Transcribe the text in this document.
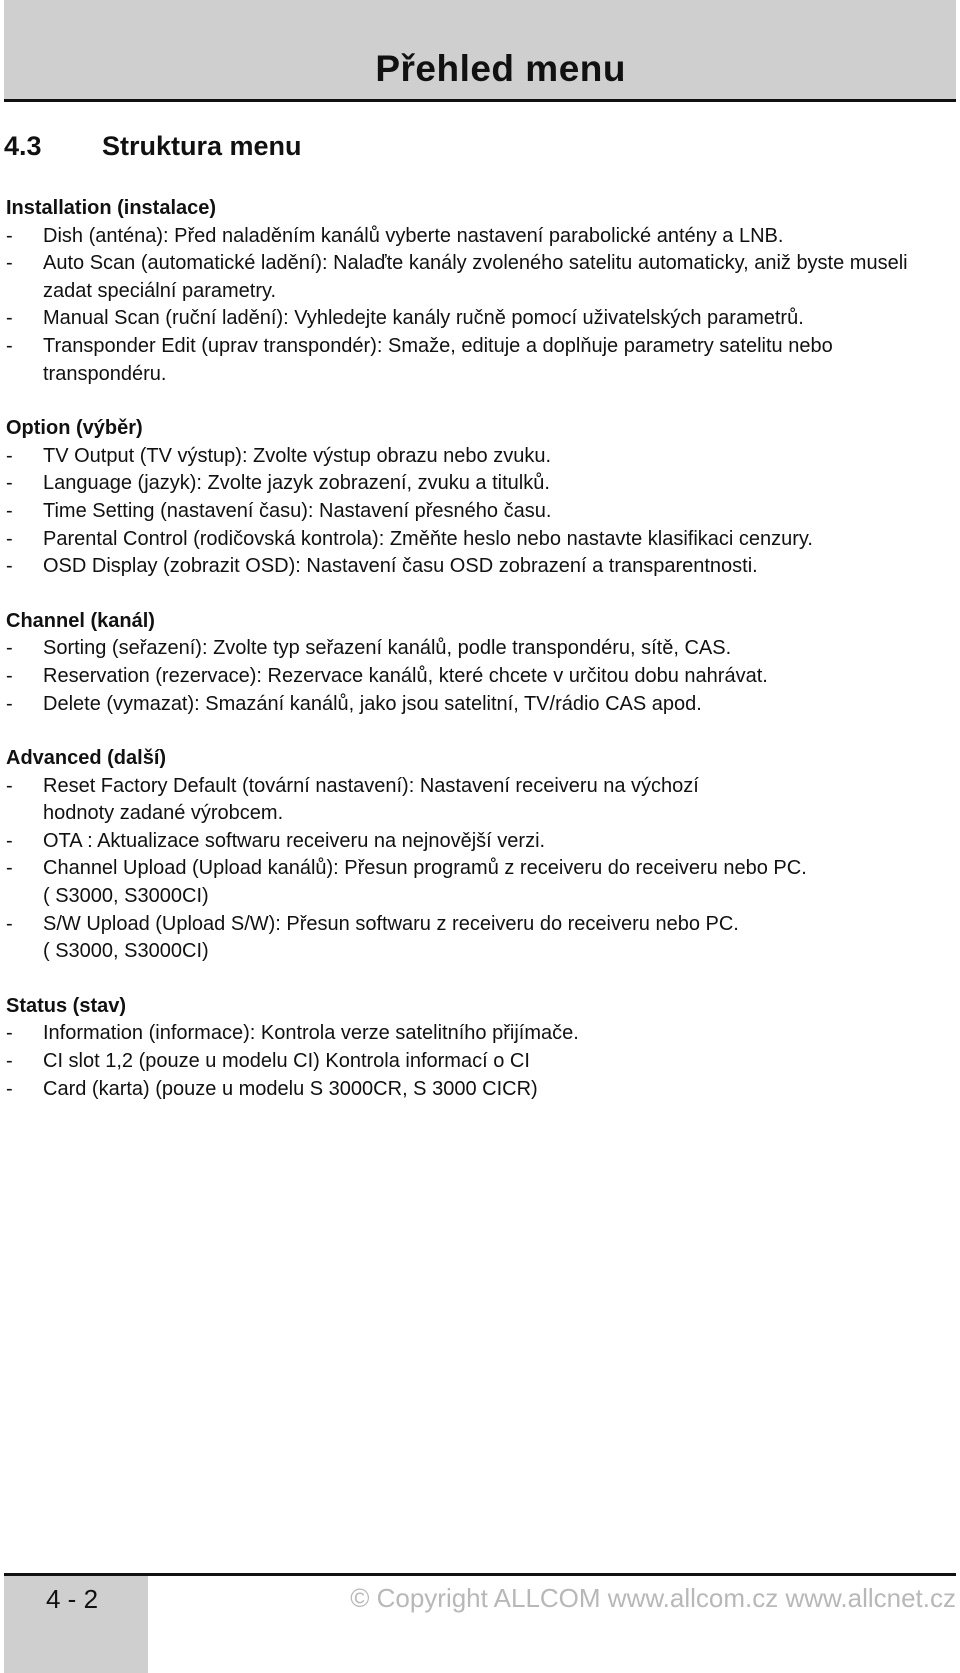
Přehled menu
4.3 Struktura menu
Installation (instalace)
-	Dish (anténa): Před naladěním kanálů vyberte nastavení parabolické antény a LNB.
-	Auto Scan (automatické ladění): Nalaďte kanály zvoleného satelitu automaticky, aniž byste museli zadat speciální parametry.
-	Manual Scan (ruční ladění): Vyhledejte kanály ručně pomocí uživatelských parametrů.
-	Transponder Edit (uprav transpondér): Smaže, edituje a doplňuje parametry satelitu nebo transpondéru.
Option (výběr)
-	TV Output (TV výstup): Zvolte výstup obrazu nebo zvuku.
-	Language (jazyk): Zvolte jazyk zobrazení, zvuku a titulků.
-	Time Setting (nastavení času): Nastavení přesného času.
-	Parental Control (rodičovská kontrola): Změňte heslo nebo nastavte klasifikaci cenzury.
-	OSD Display (zobrazit OSD): Nastavení času OSD zobrazení a transparentnosti.
Channel (kanál)
-	Sorting (seřazení): Zvolte typ seřazení kanálů, podle transpondéru, sítě, CAS.
-	Reservation (rezervace): Rezervace kanálů, které chcete v určitou dobu nahrávat.
-	Delete (vymazat): Smazání kanálů, jako jsou satelitní, TV/rádio CAS apod.
Advanced (další)
-	Reset Factory Default (tovární nastavení): Nastavení receiveru na výchozí
hodnoty zadané výrobcem.
-	OTA : Aktualizace softwaru receiveru na nejnovější verzi.
-	Channel Upload (Upload kanálů): Přesun programů z receiveru do receiveru nebo PC.
( S3000, S3000CI)
-	S/W Upload (Upload S/W): Přesun softwaru z receiveru do receiveru nebo PC.
( S3000, S3000CI)
Status (stav)
-	Information (informace): Kontrola verze satelitního přijímače.
-	CI slot 1,2 (pouze u modelu CI) Kontrola informací o CI
-	Card (karta) (pouze u modelu S 3000CR, S 3000 CICR)
4 - 2	© Copyright ALLCOM www.allcom.cz www.allcnet.cz
